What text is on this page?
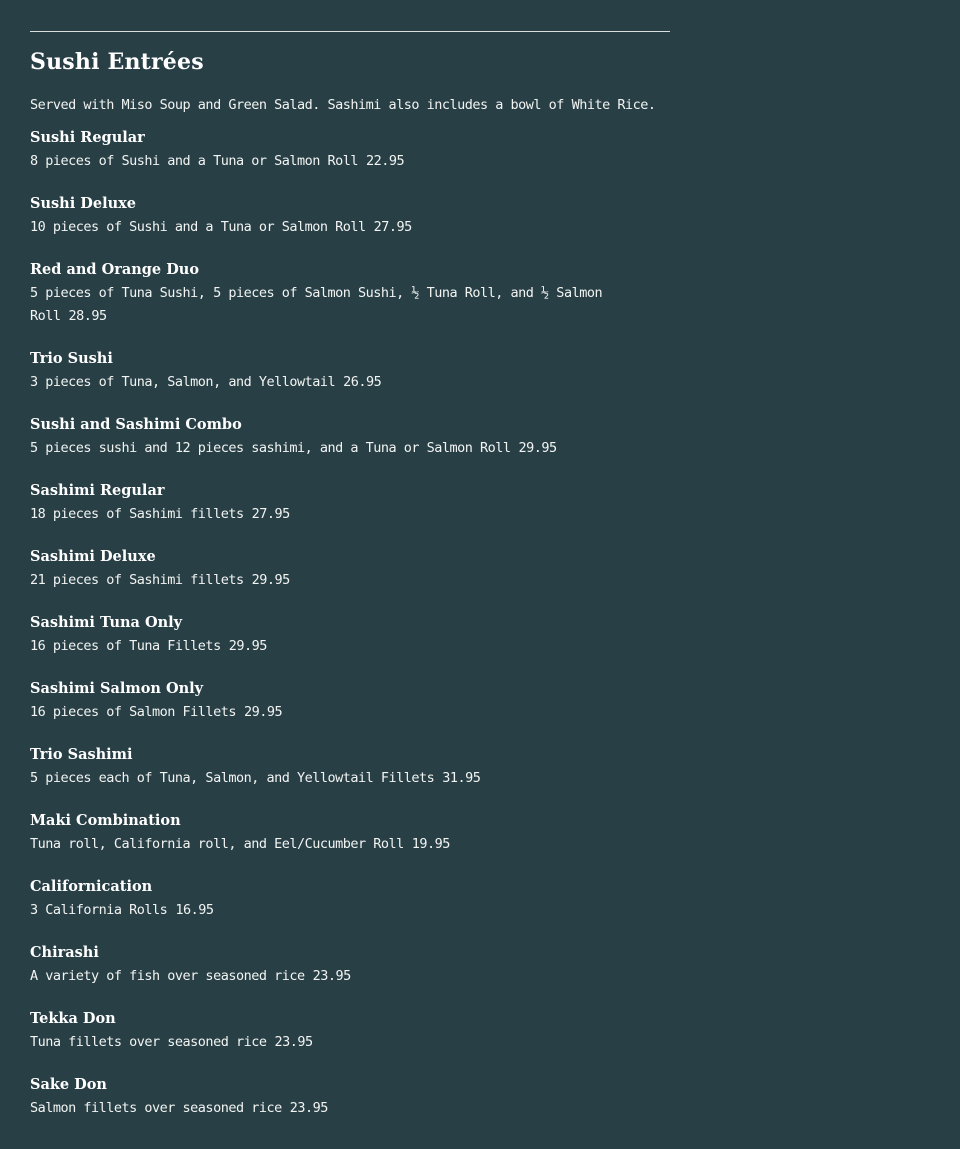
Sushi Entrées

Served with Miso Soup and Green Salad. Sashimi also includes a bowl of White Rice.

Sushi Regular
8 pieces of Sushi and a Tuna or Salmon Roll 22.95
Sushi Deluxe
10 pieces of Sushi and a Tuna or Salmon Roll 27.95
Red and Orange Duo
5 pieces of Tuna Sushi, 5 pieces of Salmon Sushi, ½ Tuna Roll, and ½ Salmon Roll 28.95
Trio Sushi
3 pieces of Tuna, Salmon, and Yellowtail 26.95
Sushi and Sashimi Combo
5 pieces sushi and 12 pieces sashimi, and a Tuna or Salmon Roll 29.95
Sashimi Regular
18 pieces of Sashimi fillets 27.95
Sashimi Deluxe
21 pieces of Sashimi fillets 29.95
Sashimi Tuna Only
16 pieces of Tuna Fillets 29.95
Sashimi Salmon Only
16 pieces of Salmon Fillets 29.95
Trio Sashimi
5 pieces each of Tuna, Salmon, and Yellowtail Fillets 31.95
Maki Combination
Tuna roll, California roll, and Eel/Cucumber Roll 19.95
Californication
3 California Rolls 16.95
Chirashi
A variety of fish over seasoned rice 23.95
Tekka Don
Tuna fillets over seasoned rice 23.95
Sake Don
Salmon fillets over seasoned rice 23.95
